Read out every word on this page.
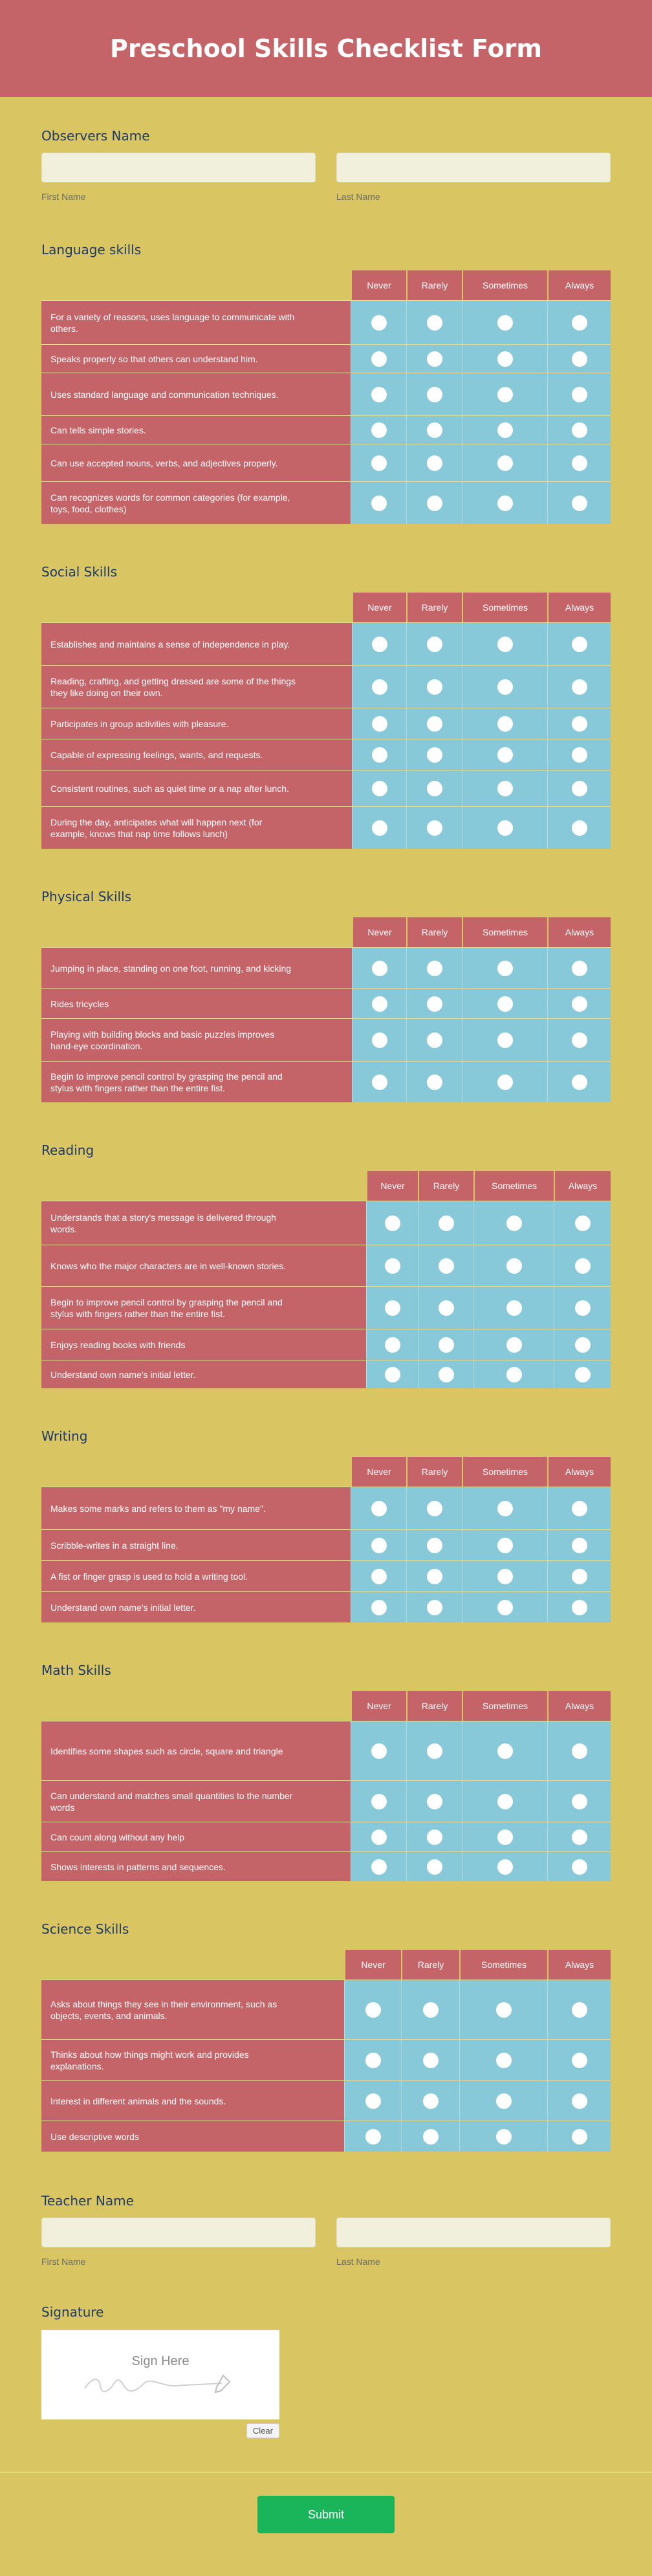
Preschool Skills Checklist Form
Observers Name
First Name	Last Name
Language skills
Never	Rarely	Sometimes	Always
For a variety of reasons, uses language to communicate with others.
Speaks properly so that others can understand him.
Uses standard language and communication techniques.
Can tells simple stories.
Can use accepted nouns, verbs, and adjectives properly.
Can recognizes words for common categories (for example, toys, food, clothes)
Social Skills
Never	Rarely	Sometimes	Always
Establishes and maintains a sense of independence in play.
Reading, crafting, and getting dressed are some of the things they like doing on their own.
Participates in group activities with pleasure.
Capable of expressing feelings, wants, and requests.
Consistent routines, such as quiet time or a nap after lunch.
During the day, anticipates what will happen next (for example, knows that nap time follows lunch)
Physical Skills
Never	Rarely	Sometimes	Always
Jumping in place, standing on one foot, running, and kicking
Rides tricycles
Playing with building blocks and basic puzzles improves hand-eye coordination.
Begin to improve pencil control by grasping the pencil and stylus with fingers rather than the entire fist.
Reading
Never	Rarely	Sometimes	Always
Understands that a story's message is delivered through words.
Knows who the major characters are in well-known stories.
Begin to improve pencil control by grasping the pencil and stylus with fingers rather than the entire fist.
Enjoys reading books with friends
Understand own name's initial letter.
Writing
Never	Rarely	Sometimes	Always
Makes some marks and refers to them as "my name".
Scribble-writes in a straight line.
A fist or finger grasp is used to hold a writing tool.
Understand own name's initial letter.
Math Skills
Never	Rarely	Sometimes	Always
Identifies some shapes such as circle, square and triangle
Can understand and matches small quantities to the number words
Can count along without any help
Shows interests in patterns and sequences.
Science Skills
Never	Rarely	Sometimes	Always
Asks about things they see in their environment, such as objects, events, and animals.
Thinks about how things might work and provides explanations.
Interest in different animals and the sounds.
Use descriptive words
Teacher Name
First Name	Last Name
Signature
Sign Here
Clear
Submit
